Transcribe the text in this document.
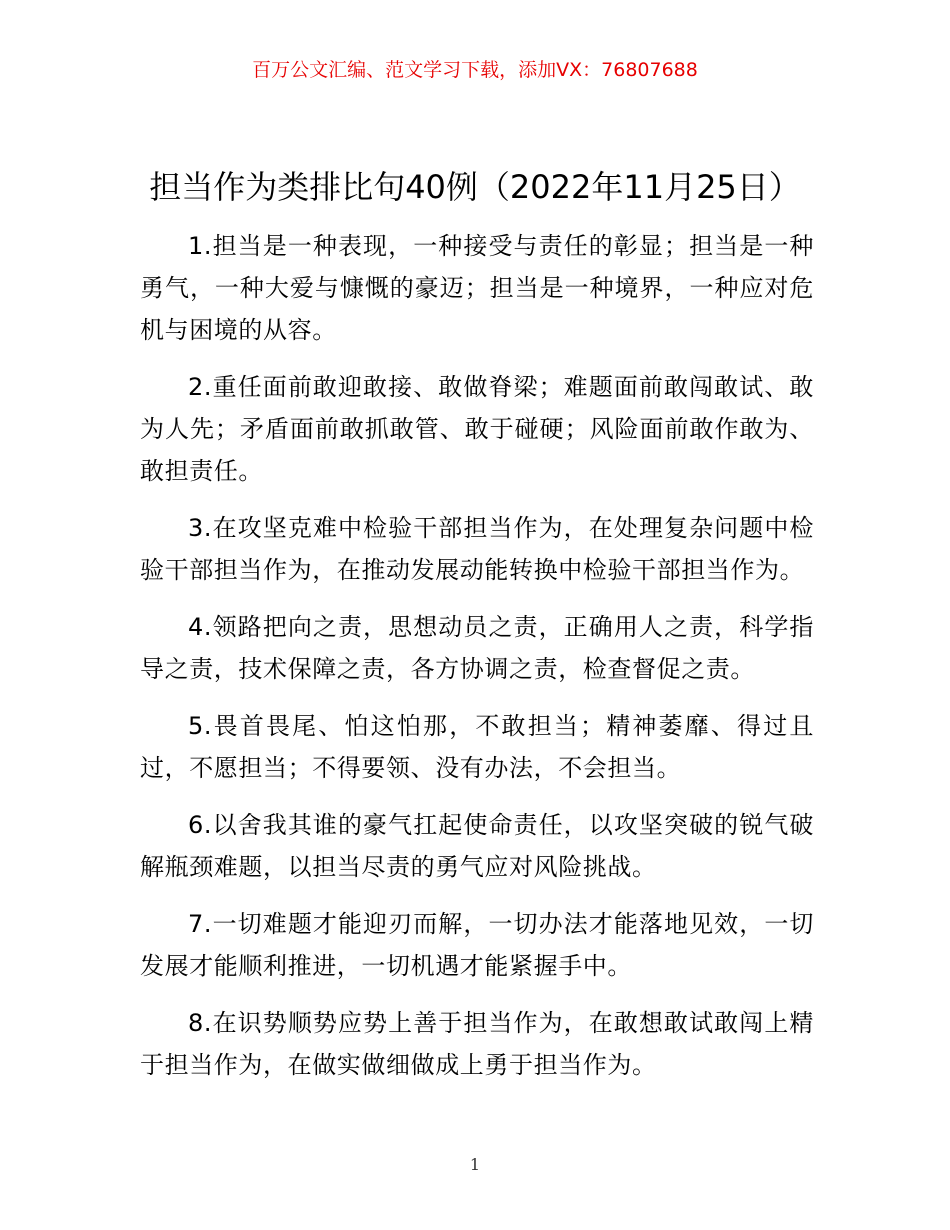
百万公文汇编、范文学习下载，添加VX：76807688
担当作为类排比句40例（2022年11月25日）

1.担当是一种表现，一种接受与责任的彰显；担当是一种勇气，一种大爱与慷慨的豪迈；担当是一种境界，一种应对危机与困境的从容。

2.重任面前敢迎敢接、敢做脊梁；难题面前敢闯敢试、敢为人先；矛盾面前敢抓敢管、敢于碰硬；风险面前敢作敢为、敢担责任。

3.在攻坚克难中检验干部担当作为，在处理复杂问题中检验干部担当作为，在推动发展动能转换中检验干部担当作为。

4.领路把向之责，思想动员之责，正确用人之责，科学指导之责，技术保障之责，各方协调之责，检查督促之责。

5.畏首畏尾、怕这怕那，不敢担当；精神萎靡、得过且过，不愿担当；不得要领、没有办法，不会担当。

6.以舍我其谁的豪气扛起使命责任，以攻坚突破的锐气破解瓶颈难题，以担当尽责的勇气应对风险挑战。

7.一切难题才能迎刃而解，一切办法才能落地见效，一切发展才能顺利推进，一切机遇才能紧握手中。

8.在识势顺势应势上善于担当作为，在敢想敢试敢闯上精于担当作为，在做实做细做成上勇于担当作为。

1
